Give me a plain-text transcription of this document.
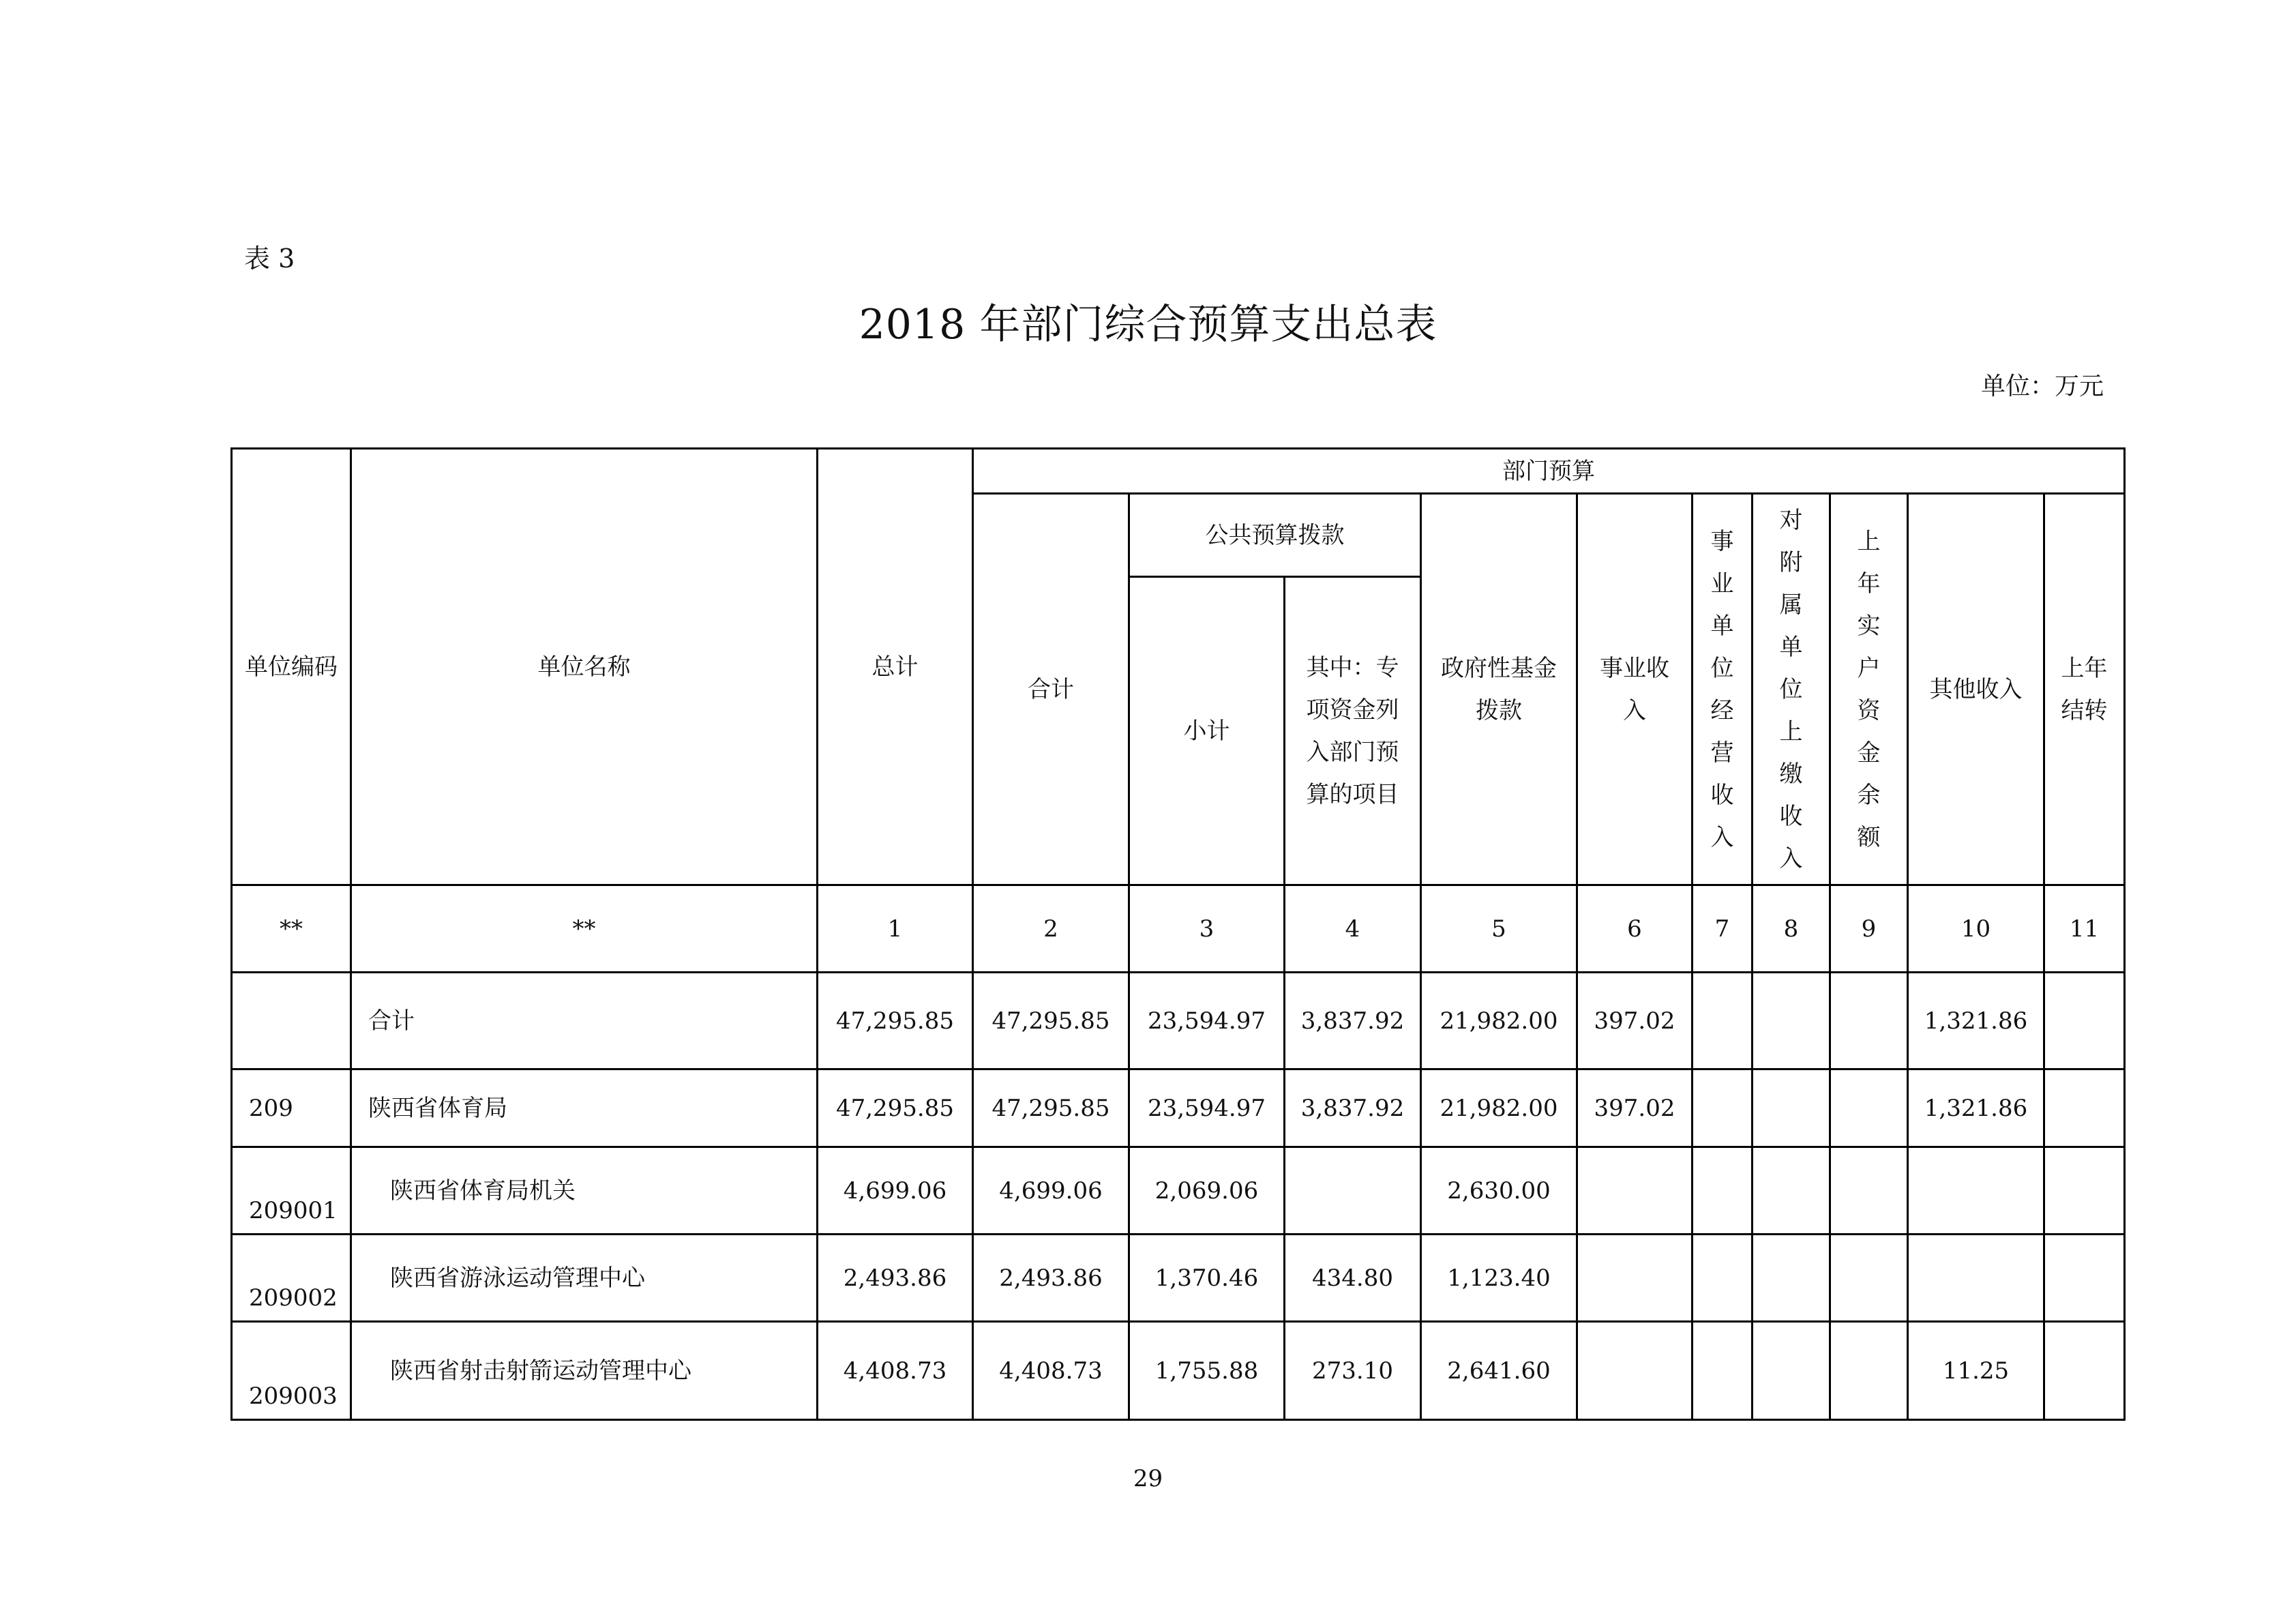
表 3
2018 年部门综合预算支出总表
单位：万元
单位编码	单位名称	总计	部门预算									
			合计	公共预算拨款		政府性基金拨款	事业收入	事业单位经营收入	对附属单位上缴收入	上年实户资金余额	其他收入	上年结转

				小计	其中：专项资金列入部门预算的项目							

**	**	1	2	3	4	5	6	7	8	9	10	11
	合计	47,295.85	47,295.85	23,594.97	3,837.92	21,982.00	397.02				1,321.86	
209	陕西省体育局	47,295.85	47,295.85	23,594.97	3,837.92	21,982.00	397.02				1,321.86	
209001	陕西省体育局机关	4,699.06	4,699.06	2,069.06		2,630.00						
209002	陕西省游泳运动管理中心	2,493.86	2,493.86	1,370.46	434.80	1,123.40						
209003	陕西省射击射箭运动管理中心	4,408.73	4,408.73	1,755.88	273.10	2,641.60					11.25	
29
